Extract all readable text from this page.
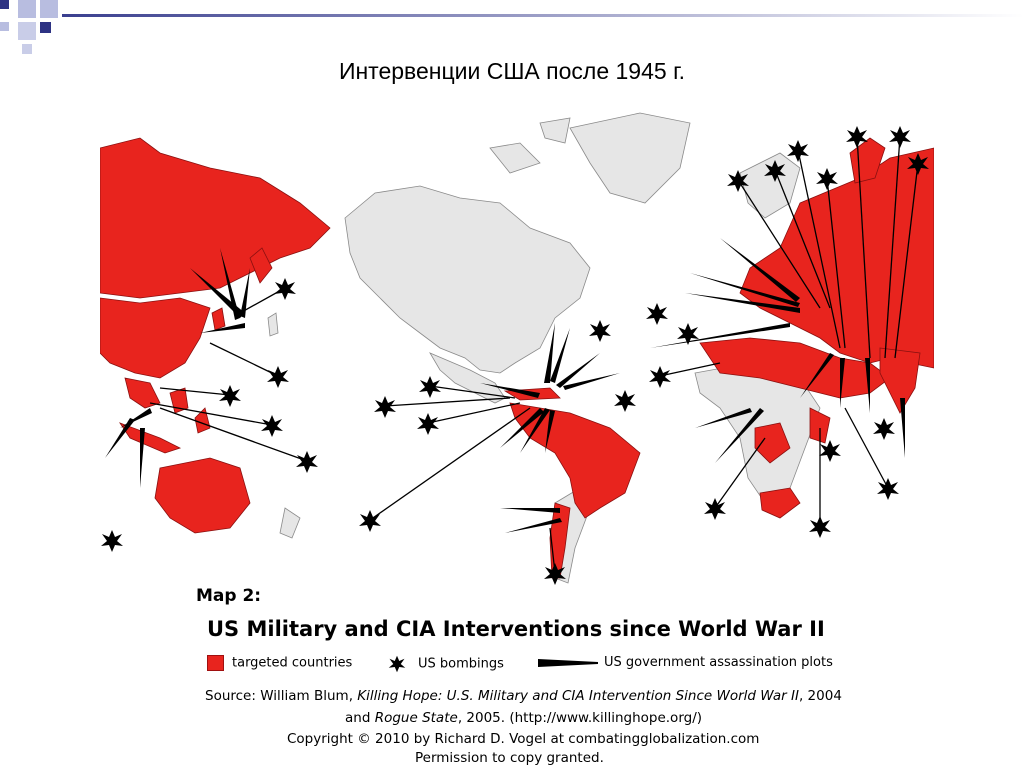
Интервенции США после 1945 г.
Map 2:
US Military and CIA Interventions since World War II
targeted countries	US bombings	US government assassination plots
Source: William Blum, Killing Hope: U.S. Military and CIA Intervention Since World War II, 2004
and Rogue State, 2005. (http://www.killinghope.org/)
Copyright © 2010 by Richard D. Vogel at combatingglobalization.com
Permission to copy granted.
